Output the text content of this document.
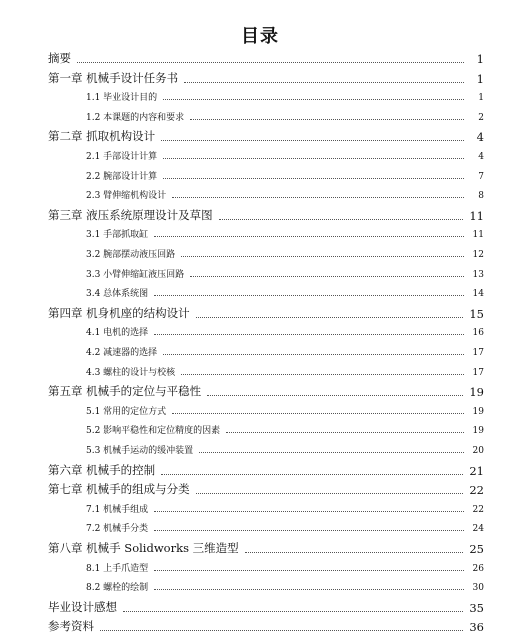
目录
摘要	1
第一章 机械手设计任务书	1
1.1 毕业设计目的	1
1.2 本课题的内容和要求	2
第二章 抓取机构设计	4
2.1 手部设计计算	4
2.2 腕部设计计算	7
2.3 臂伸缩机构设计	8
第三章 液压系统原理设计及草图	11
3.1 手部抓取缸	11
3.2 腕部摆动液压回路	12
3.3 小臂伸缩缸液压回路	13
3.4 总体系统图	14
第四章 机身机座的结构设计	15
4.1 电机的选择	16
4.2 减速器的选择	17
4.3 螺柱的设计与校核	17
第五章 机械手的定位与平稳性	19
5.1 常用的定位方式	19
5.2 影响平稳性和定位精度的因素	19
5.3 机械手运动的缓冲装置	20
第六章 机械手的控制	21
第七章 机械手的组成与分类	22
7.1 机械手组成	22
7.2 机械手分类	24
第八章 机械手 Solidworks 三维造型	25
8.1 上手爪造型	26
8.2 螺栓的绘制	30
毕业设计感想	35
参考资料	36
